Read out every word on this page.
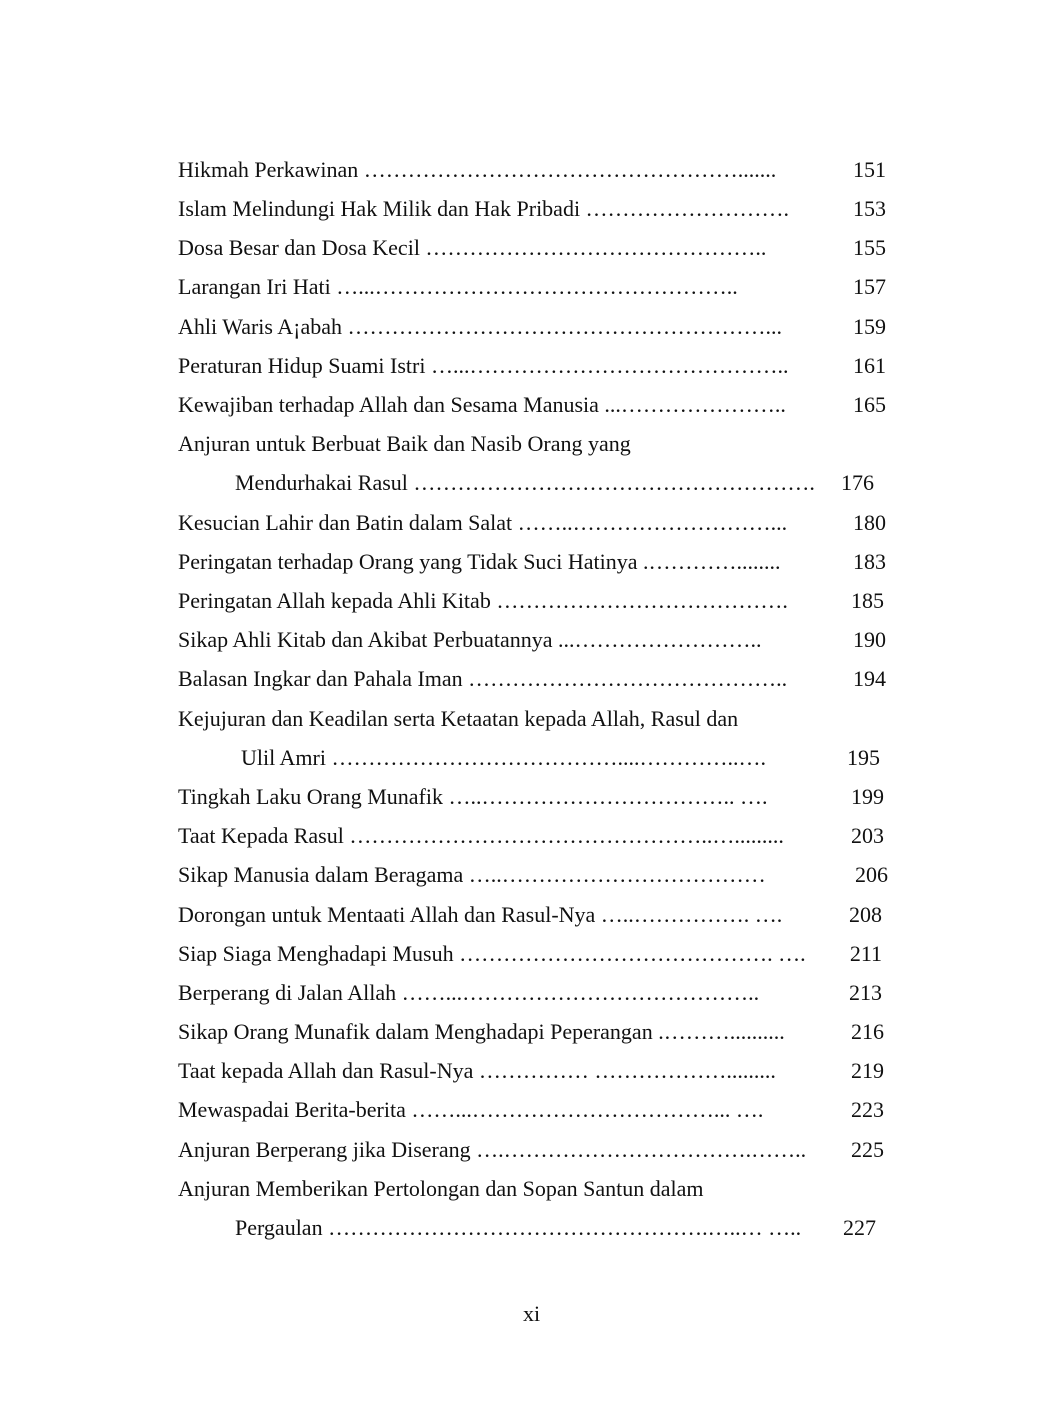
Hikmah Perkawinan …………………………………………….......	151
Islam Melindungi Hak Milik dan Hak Pribadi ……………………….	153
Dosa Besar dan Dosa Kecil ………………………………………..	155
Larangan Iri Hati …...…………………………………………..	157
Ahli Waris A¡abah …………………………………………………...	159
Peraturan Hidup Suami Istri …...……………………………………..	161
Kewajiban terhadap Allah dan Sesama Manusia ...…………………..	165
Anjuran untuk Berbuat Baik dan Nasib Orang yang
Mendurhakai Rasul ……………………………………………….	176
Kesucian Lahir dan Batin dalam Salat ……..………………………...	180
Peringatan terhadap Orang yang Tidak Suci Hatinya .…………........	183
Peringatan Allah kepada Ahli Kitab ………………………………….	185
Sikap Ahli Kitab dan Akibat Perbuatannya ...……………………..	190
Balasan Ingkar dan Pahala Iman ……………………………………..	194
Kejujuran dan Keadilan serta Ketaatan kepada Allah, Rasul dan
Ulil Amri …………………………………....…………..….	195
Tingkah Laku Orang Munafik …..…………………………….. ….	199
Taat Kepada Rasul …………………………………………..….........	203
Sikap Manusia dalam Beragama …..………………………………	206
Dorongan untuk Mentaati Allah dan Rasul-Nya …..……………. ….	208
Siap Siaga Menghadapi Musuh ……………………………………. ….	211
Berperang di Jalan Allah ……...…………………………………..	213
Sikap Orang Munafik dalam Menghadapi Peperangan .………..........	216
Taat kepada Allah dan Rasul-Nya …………… ……………….........	219
Mewaspadai Berita-berita ……...……………………………... ….	223
Anjuran Berperang jika Diserang ….…………………………….……..	225
Anjuran Memberikan Pertolongan dan Sopan Santun dalam
Pergaulan …………………………………………….…..… …..	227
xi
